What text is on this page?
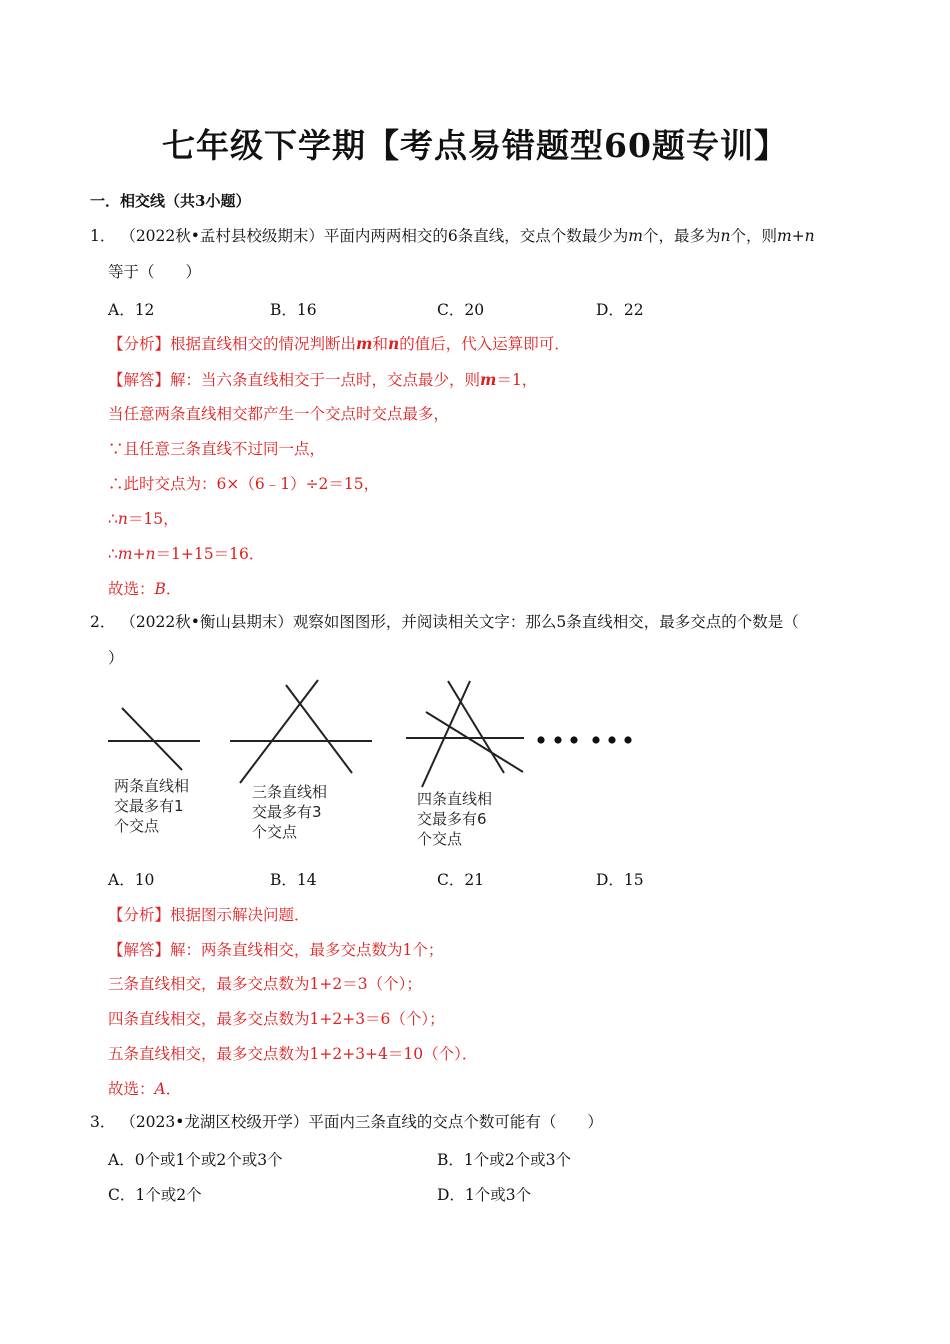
七年级下学期【考点易错题型60题专训】
一．相交线（共3小题）
1． （2022秋•孟村县校级期末）平面内两两相交的6条直线，交点个数最少为m个，最多为n个，则m+n
等于（　　）
A．12	B．16	C．20	D．22
【分析】根据直线相交的情况判断出m和n的值后，代入运算即可．
【解答】解：当六条直线相交于一点时，交点最少，则m＝1，
当任意两条直线相交都产生一个交点时交点最多，
∵且任意三条直线不过同一点，
∴此时交点为：6×（6﹣1）÷2＝15，
∴n＝15，
∴m+n＝1+15＝16．
故选：B．
2． （2022秋•衡山县期末）观察如图图形，并阅读相关文字：那么5条直线相交，最多交点的个数是（
）
两条直线相
交最多有1
个交点
三条直线相
交最多有3
个交点
四条直线相
交最多有6
个交点
A．10	B．14	C．21	D．15
【分析】根据图示解决问题．
【解答】解：两条直线相交，最多交点数为1个；
三条直线相交，最多交点数为1+2＝3（个）；
四条直线相交，最多交点数为1+2+3＝6（个）；
五条直线相交，最多交点数为1+2+3+4＝10（个）．
故选：A．
3． （2023•龙湖区校级开学）平面内三条直线的交点个数可能有（　　）
A．0个或1个或2个或3个	B．1个或2个或3个
C．1个或2个	D．1个或3个
